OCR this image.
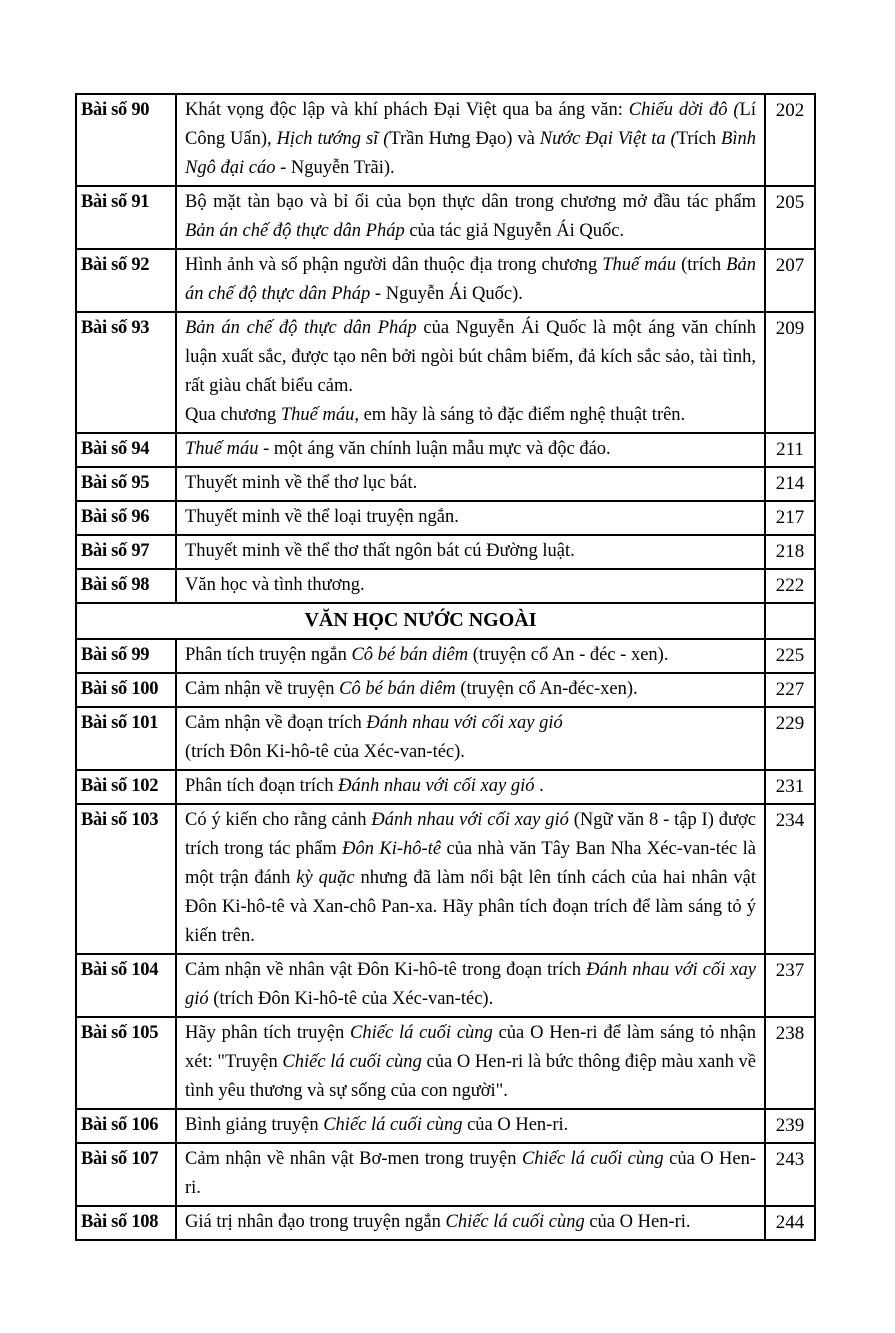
Bài số 90	Khát vọng độc lập và khí phách Đại Việt qua ba áng văn: Chiếu dời đô (Lí Công Uẩn), Hịch tướng sĩ (Trần Hưng Đạo) và Nước Đại Việt ta (Trích Bình Ngô đại cáo - Nguyễn Trãi).	202
Bài số 91	Bộ mặt tàn bạo và bỉ ổi của bọn thực dân trong chương mở đầu tác phẩm Bản án chế độ thực dân Pháp của tác giả Nguyễn Ái Quốc.	205
Bài số 92	Hình ảnh và số phận người dân thuộc địa trong chương Thuế máu (trích Bản án chế độ thực dân Pháp - Nguyễn Ái Quốc).	207
Bài số 93	Bản án chế độ thực dân Pháp của Nguyễn Ái Quốc là một áng văn chính luận xuất sắc, được tạo nên bởi ngòi bút châm biếm, đả kích sắc sảo, tài tình, rất giàu chất biểu cảm.
Qua chương Thuế máu, em hãy là sáng tỏ đặc điểm nghệ thuật trên.	209
Bài số 94	Thuế máu - một áng văn chính luận mẫu mực và độc đáo.	211
Bài số 95	Thuyết minh về thể thơ lục bát.	214
Bài số 96	Thuyết minh về thể loại truyện ngắn.	217
Bài số 97	Thuyết minh về thể thơ thất ngôn bát cú Đường luật.	218
Bài số 98	Văn học và tình thương.	222
VĂN HỌC NƯỚC NGOÀI		
Bài số 99	Phân tích truyện ngắn Cô bé bán diêm (truyện cổ An - đéc - xen).	225
Bài số 100	Cảm nhận về truyện Cô bé bán diêm (truyện cổ An-đéc-xen).	227
Bài số 101	Cảm nhận về đoạn trích Đánh nhau với cối xay gió
(trích Đôn Ki-hô-tê của Xéc-van-téc).	229
Bài số 102	Phân tích đoạn trích Đánh nhau với cối xay gió .	231
Bài số 103	Có ý kiến cho rằng cảnh Đánh nhau với cối xay gió (Ngữ văn 8 - tập I) được trích trong tác phẩm Đôn Ki-hô-tê của nhà văn Tây Ban Nha Xéc-van-téc là một trận đánh kỳ quặc nhưng đã làm nổi bật lên tính cách của hai nhân vật Đôn Ki-hô-tê và Xan-chô Pan-xa. Hãy phân tích đoạn trích để làm sáng tỏ ý kiến trên.	234
Bài số 104	Cảm nhận về nhân vật Đôn Ki-hô-tê trong đoạn trích Đánh nhau với cối xay gió (trích Đôn Ki-hô-tê của Xéc-van-téc).	237
Bài số 105	Hãy phân tích truyện Chiếc lá cuối cùng của O Hen-ri để làm sáng tỏ nhận xét: "Truyện Chiếc lá cuối cùng của O Hen-ri là bức thông điệp màu xanh về tình yêu thương và sự sống của con người".	238
Bài số 106	Bình giảng truyện Chiếc lá cuối cùng của O Hen-ri.	239
Bài số 107	Cảm nhận về nhân vật Bơ-men trong truyện Chiếc lá cuối cùng của O Hen-ri.	243
Bài số 108	Giá trị nhân đạo trong truyện ngắn Chiếc lá cuối cùng của O Hen-ri.	244
